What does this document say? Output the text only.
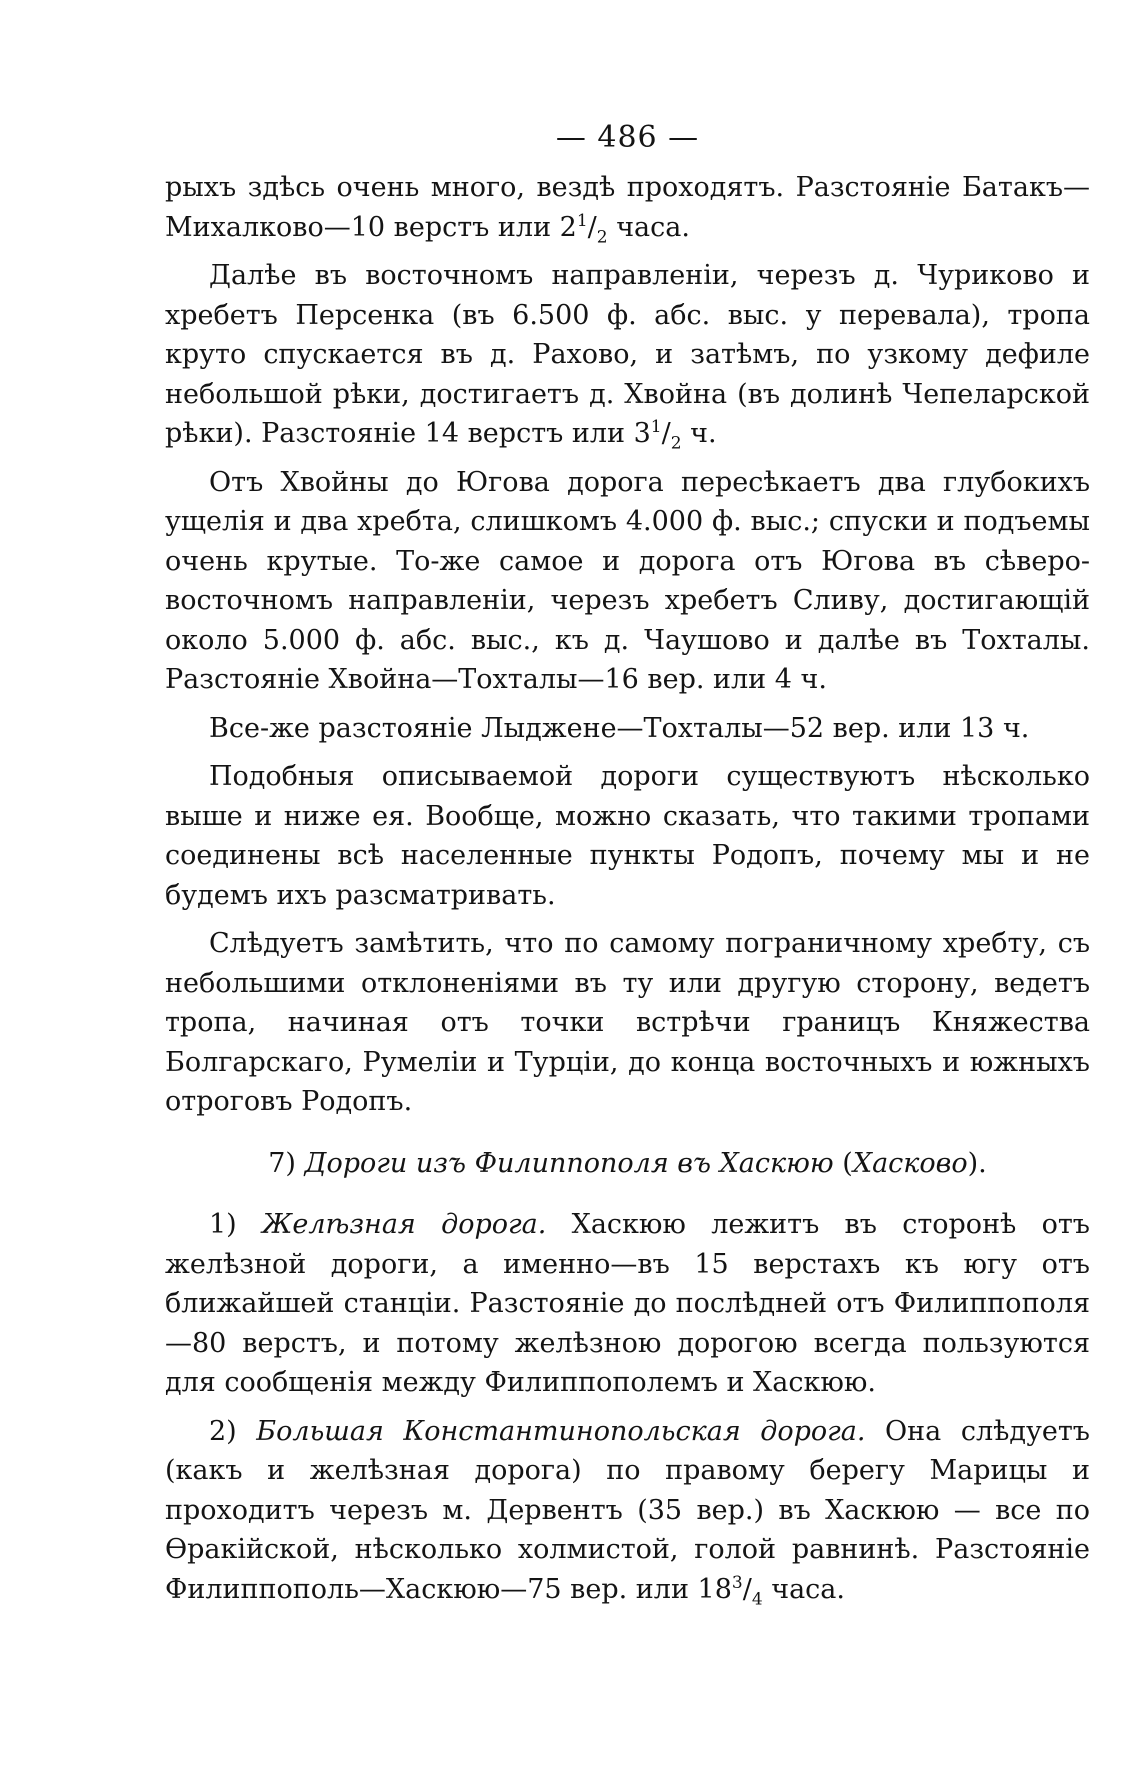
— 486 —

рыхъ здѣсь очень много, вездѣ проходятъ. Разстояніе Батакъ—Михалково—10 верстъ или $2^1/_2$ часа.

Далѣе въ восточномъ направленіи, черезъ д. Чуриково и хребетъ Персенка (въ 6.500 ф. абс. выс. у перевала), тропа круто спускается въ д. Рахово, и затѣмъ, по узкому дефиле небольшой рѣки, достигаетъ д. Хвойна (въ долинѣ Чепеларской рѣки). Разстояніе 14 верстъ или $3^1/_2$ ч.

Отъ Хвойны до Югова дорога пересѣкаетъ два глубокихъ ущелія и два хребта, слишкомъ 4.000 ф. выс.; спуски и подъемы очень крутые. То-же самое и дорога отъ Югова въ сѣверо-восточномъ направленіи, черезъ хребетъ Сливу, достигающій около 5.000 ф. абс. выс., къ д. Чаушово и далѣе въ Тохталы. Разстояніе Хвойна—Тохталы—16 вер. или 4 ч.

Все-же разстояніе Лыджене—Тохталы—52 вер. или 13 ч.

Подобныя описываемой дороги существуютъ нѣсколько выше и ниже ея. Вообще, можно сказать, что такими тропами соединены всѣ населенные пункты Родопъ, почему мы и не будемъ ихъ разсматривать.

Слѣдуетъ замѣтить, что по самому пограничному хребту, съ небольшими отклоненіями въ ту или другую сторону, ведетъ тропа, начиная отъ точки встрѣчи границъ Княжества Болгарскаго, Румеліи и Турціи, до конца восточныхъ и южныхъ отроговъ Родопъ.

7) Дороги изъ Филиппополя въ Хаскюю (Хасково).

1) Желѣзная дорога. Хаскюю лежитъ въ сторонѣ отъ желѣзной дороги, а именно—въ 15 верстахъ къ югу отъ ближайшей станціи. Разстояніе до послѣдней отъ Филиппополя—80 верстъ, и потому желѣзною дорогою всегда пользуются для сообщенія между Филиппополемъ и Хаскюю.

2) Большая Константинопольская дорога. Она слѣдуетъ (какъ и желѣзная дорога) по правому берегу Марицы и проходитъ черезъ м. Дервентъ (35 вер.) въ Хаскюю — все по Ѳракійской, нѣсколько холмистой, голой равнинѣ. Разстояніе Филиппополь—Хаскюю—75 вер. или $18^3/_4$ часа.
